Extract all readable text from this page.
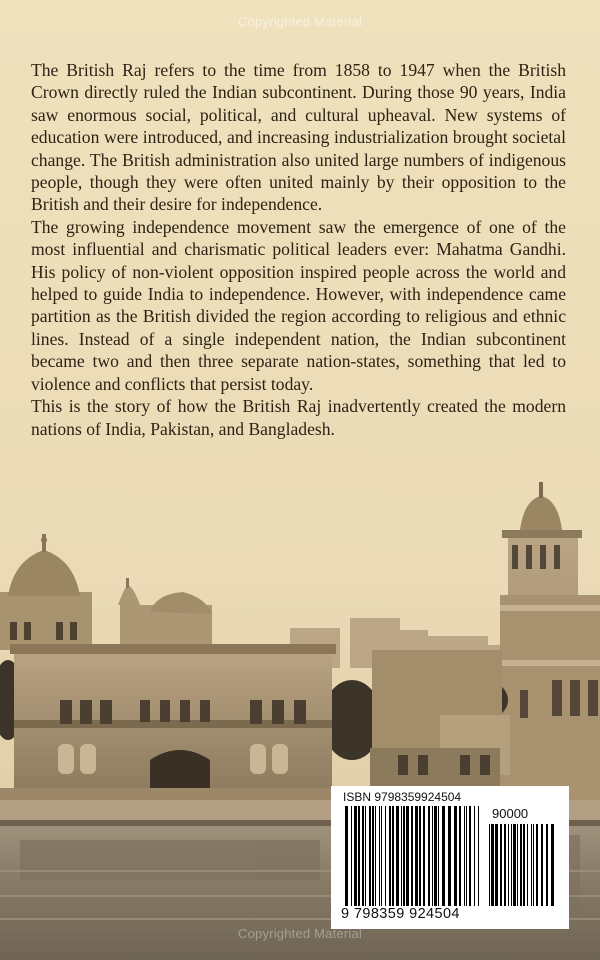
Copyrighted Material

The British Raj refers to the time from 1858 to 1947 when the British Crown directly ruled the Indian subcontinent. During those 90 years, India saw enormous social, political, and cultural upheaval. New systems of education were introduced, and increasing industrialization brought societal change. The British administration also united large numbers of indigenous people, though they were often united mainly by their opposition to the British and their desire for independence.

The growing independence movement saw the emergence of one of the most influential and charismatic political leaders ever: Mahatma Gandhi. His policy of non-violent opposition inspired people across the world and helped to guide India to independence. However, with independence came partition as the British divided the region according to religious and ethnic lines. Instead of a single independent nation, the Indian subcontinent became two and then three separate nation-states, something that led to violence and conflicts that persist today.

This is the story of how the British Raj inadvertently created the modern nations of India, Pakistan, and Bangladesh.

ISBN 9798359924504
90000
9 798359 924504
Copyrighted Material
